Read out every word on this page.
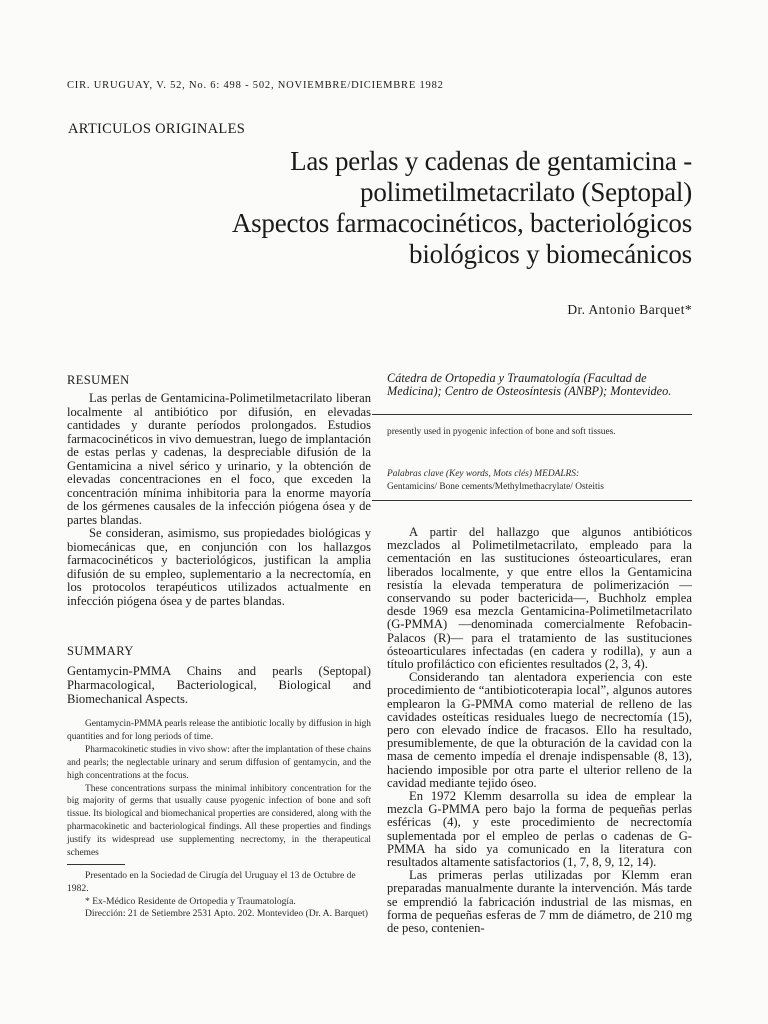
CIR. URUGUAY, V. 52, No. 6: 498 - 502, NOVIEMBRE/DICIEMBRE 1982
ARTICULOS ORIGINALES
Las perlas y cadenas de gentamicina -
polimetilmetacrilato (Septopal)
Aspectos farmacocinéticos, bacteriológicos
biológicos y biomecánicos
Dr. Antonio Barquet*
RESUMEN

Las perlas de Gentamicina-Polimetilmetacrilato liberan localmente al antibiótico por difusión, en elevadas cantidades y durante períodos prolongados. Estudios farmacocinéticos in vivo demuestran, luego de implantación de estas perlas y cadenas, la despreciable difusión de la Gentamicina a nivel sérico y urinario, y la obtención de elevadas concentraciones en el foco, que exceden la concentración mínima inhibitoria para la enorme mayoría de los gérmenes causales de la infección piógena ósea y de partes blandas.

Se consideran, asimismo, sus propiedades biológicas y biomecánicas que, en conjunción con los hallazgos farmacocinéticos y bacteriológicos, justifican la amplia difusión de su empleo, suplementario a la necrectomía, en los protocolos terapéuticos utilizados actualmente en infección piógena ósea y de partes blandas.

SUMMARY
Gentamycin-PMMA Chains and pearls (Septopal) Pharmacological, Bacteriological, Biological and Biomechanical Aspects.

Gentamycin-PMMA pearls release the antibiotic locally by diffusion in high quantities and for long periods of time.

Pharmacokinetic studies in vivo show: after the implantation of these chains and pearls; the neglectable urinary and serum diffusion of gentamycin, and the high concentrations at the focus.

These concentrations surpass the minimal inhibitory concentration for the big majority of germs that usually cause pyogenic infection of bone and soft tissue. Its biological and biomechanical properties are considered, along with the pharmacokinetic and bacteriological findings. All these properties and findings justify its widespread use supplementing necrectomy, in the therapeutical schemes

Presentado en la Sociedad de Cirugía del Uruguay el 13 de Octubre de 1982.

* Ex-Médico Residente de Ortopedia y Traumatología.

Dirección: 21 de Setiembre 2531 Apto. 202. Montevideo (Dr. A. Barquet)

Cátedra de Ortopedia y Traumatología (Facultad de Medicina); Centro de Osteosíntesis (ANBP); Montevideo.
presently used in pyogenic infection of bone and soft tissues.
Palabras clave (Key words, Mots clés) MEDALRS:
Gentamicins/ Bone cements/Methylmethacrylate/ Osteitis

A partir del hallazgo que algunos antibióticos mezclados al Polimetilmetacrilato, empleado para la cementación en las sustituciones ósteoarticulares, eran liberados localmente, y que entre ellos la Gentamicina resistía la elevada temperatura de polimerización —conservando su poder bactericida—, Buchholz emplea desde 1969 esa mezcla Gentamicina-Polimetilmetacrilato (G-PMMA) —denominada comercialmente Refobacin-Palacos (R)— para el tratamiento de las sustituciones ósteoarticulares infectadas (en cadera y rodilla), y aun a título profiláctico con eficientes resultados (2, 3, 4).

Considerando tan alentadora experiencia con este procedimiento de “antibioticoterapia local”, algunos autores emplearon la G-PMMA como material de relleno de las cavidades osteíticas residuales luego de necrectomía (15), pero con elevado índice de fracasos. Ello ha resultado, presumiblemente, de que la obturación de la cavidad con la masa de cemento impedía el drenaje indispensable (8, 13), haciendo imposible por otra parte el ulterior relleno de la cavidad mediante tejido óseo.

En 1972 Klemm desarrolla su idea de emplear la mezcla G-PMMA pero bajo la forma de pequeñas perlas esféricas (4), y este procedimiento de necrectomía suplementada por el empleo de perlas o cadenas de G-PMMA ha sido ya comunicado en la literatura con resultados altamente satisfactorios (1, 7, 8, 9, 12, 14).

Las primeras perlas utilizadas por Klemm eran preparadas manualmente durante la intervención. Más tarde se emprendió la fabricación industrial de las mismas, en forma de pequeñas esferas de 7 mm de diámetro, de 210 mg de peso, contenien-
